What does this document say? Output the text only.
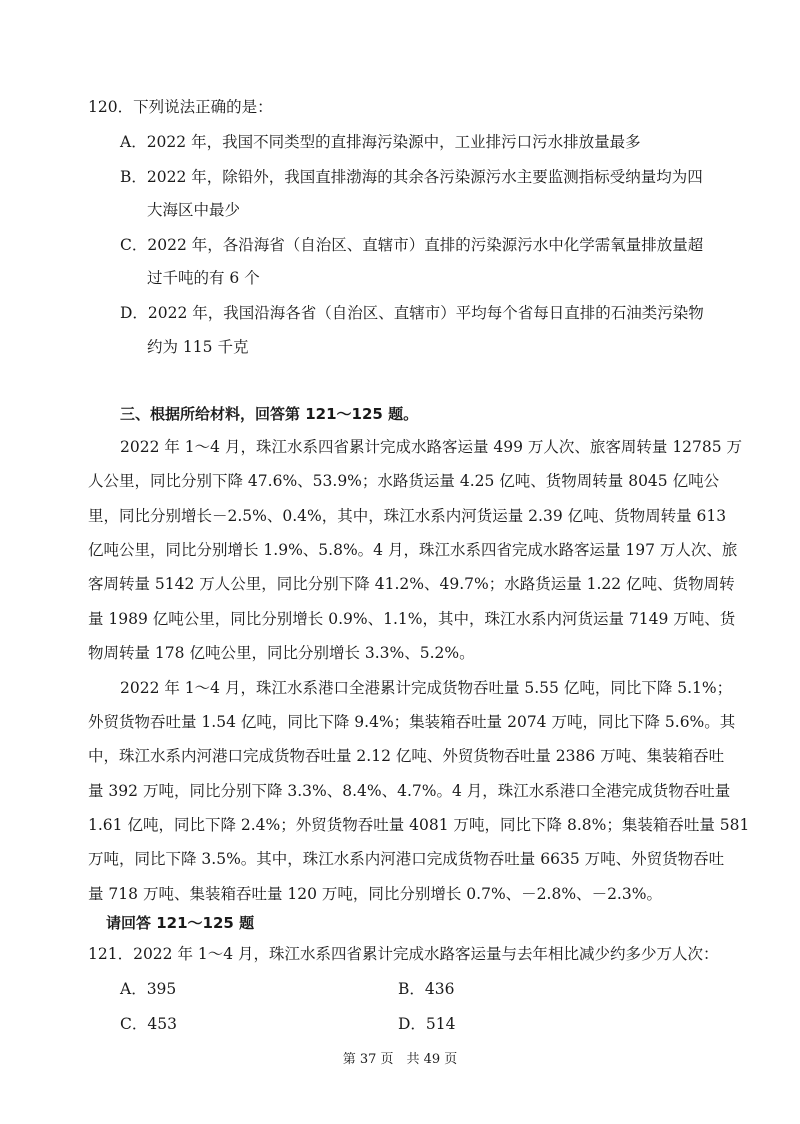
120．下列说法正确的是：
A．2022 年，我国不同类型的直排海污染源中，工业排污口污水排放量最多
B．2022 年，除铅外，我国直排渤海的其余各污染源污水主要监测指标受纳量均为四
大海区中最少
C．2022 年，各沿海省（自治区、直辖市）直排的污染源污水中化学需氧量排放量超
过千吨的有 6 个
D．2022 年，我国沿海各省（自治区、直辖市）平均每个省每日直排的石油类污染物
约为 115 千克
三、根据所给材料，回答第 121～125 题。
2022 年 1～4 月，珠江水系四省累计完成水路客运量 499 万人次、旅客周转量 12785 万
人公里，同比分别下降 47.6%、53.9%；水路货运量 4.25 亿吨、货物周转量 8045 亿吨公
里，同比分别增长－2.5%、0.4%，其中，珠江水系内河货运量 2.39 亿吨、货物周转量 613
亿吨公里，同比分别增长 1.9%、5.8%。4 月，珠江水系四省完成水路客运量 197 万人次、旅
客周转量 5142 万人公里，同比分别下降 41.2%、49.7%；水路货运量 1.22 亿吨、货物周转
量 1989 亿吨公里，同比分别增长 0.9%、1.1%，其中，珠江水系内河货运量 7149 万吨、货
物周转量 178 亿吨公里，同比分别增长 3.3%、5.2%。
2022 年 1～4 月，珠江水系港口全港累计完成货物吞吐量 5.55 亿吨，同比下降 5.1%；
外贸货物吞吐量 1.54 亿吨，同比下降 9.4%；集装箱吞吐量 2074 万吨，同比下降 5.6%。其
中，珠江水系内河港口完成货物吞吐量 2.12 亿吨、外贸货物吞吐量 2386 万吨、集装箱吞吐
量 392 万吨，同比分别下降 3.3%、8.4%、4.7%。4 月，珠江水系港口全港完成货物吞吐量
1.61 亿吨，同比下降 2.4%；外贸货物吞吐量 4081 万吨，同比下降 8.8%；集装箱吞吐量 581
万吨，同比下降 3.5%。其中，珠江水系内河港口完成货物吞吐量 6635 万吨、外贸货物吞吐
量 718 万吨、集装箱吞吐量 120 万吨，同比分别增长 0.7%、－2.8%、－2.3%。
请回答 121～125 题
121．2022 年 1～4 月，珠江水系四省累计完成水路客运量与去年相比减少约多少万人次：
A．395	B．436
C．453	D．514
第 37 页　共 49 页
